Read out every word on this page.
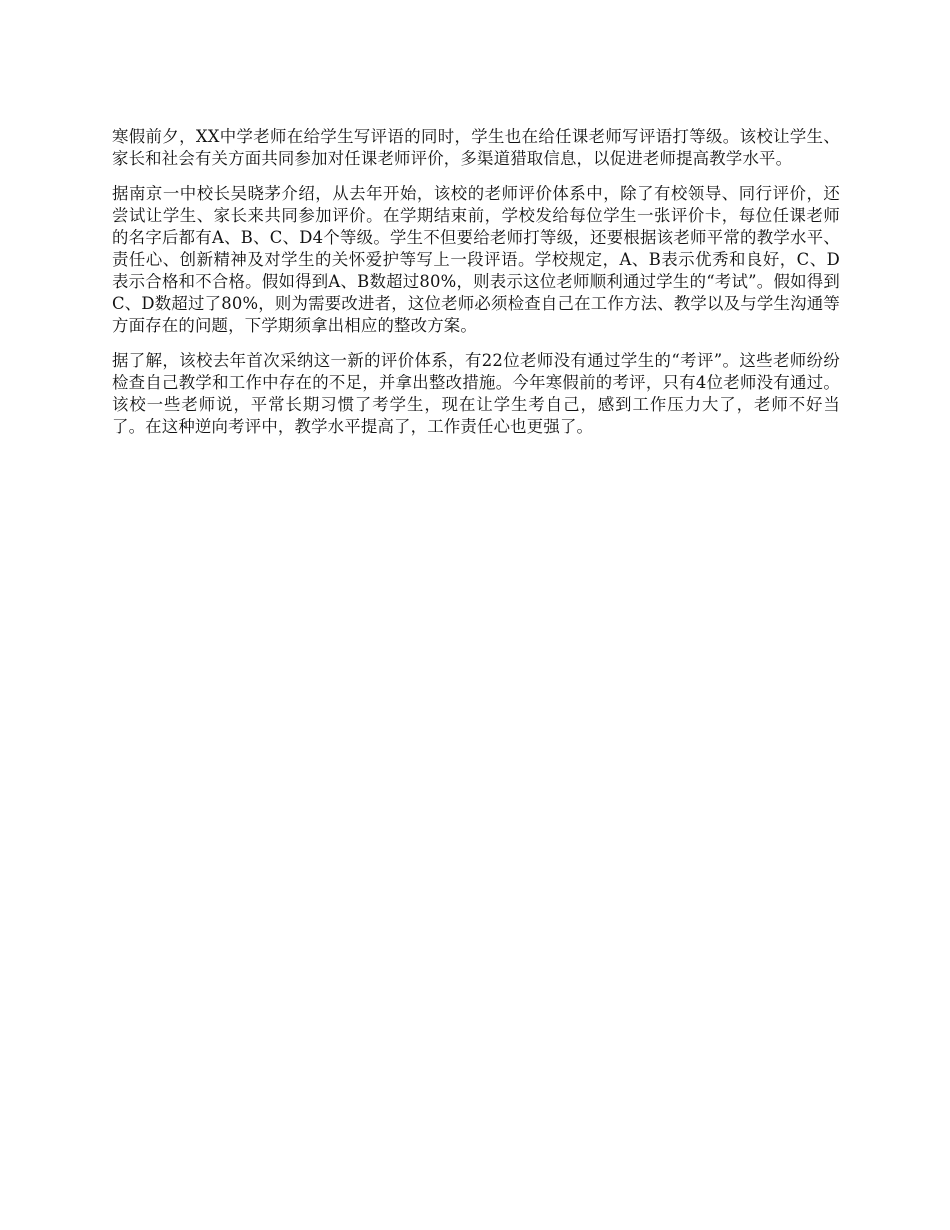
寒假前夕，XX中学老师在给学生写评语的同时，学生也在给任课老师写评语打等级。该校让学生、家长和社会有关方面共同参加对任课老师评价，多渠道猎取信息，以促进老师提高教学水平。

据南京一中校长吴晓茅介绍，从去年开始，该校的老师评价体系中，除了有校领导、同行评价，还尝试让学生、家长来共同参加评价。在学期结束前，学校发给每位学生一张评价卡，每位任课老师的名字后都有A、B、C、D4个等级。学生不但要给老师打等级，还要根据该老师平常的教学水平、责任心、创新精神及对学生的关怀爱护等写上一段评语。学校规定，A、B表示优秀和良好，C、D表示合格和不合格。假如得到A、B数超过80%，则表示这位老师顺利通过学生的“考试”。假如得到C、D数超过了80%，则为需要改进者，这位老师必须检查自己在工作方法、教学以及与学生沟通等方面存在的问题，下学期须拿出相应的整改方案。

据了解，该校去年首次采纳这一新的评价体系，有22位老师没有通过学生的“考评”。这些老师纷纷检查自己教学和工作中存在的不足，并拿出整改措施。今年寒假前的考评，只有4位老师没有通过。该校一些老师说，平常长期习惯了考学生，现在让学生考自己，感到工作压力大了，老师不好当了。在这种逆向考评中，教学水平提高了，工作责任心也更强了。
